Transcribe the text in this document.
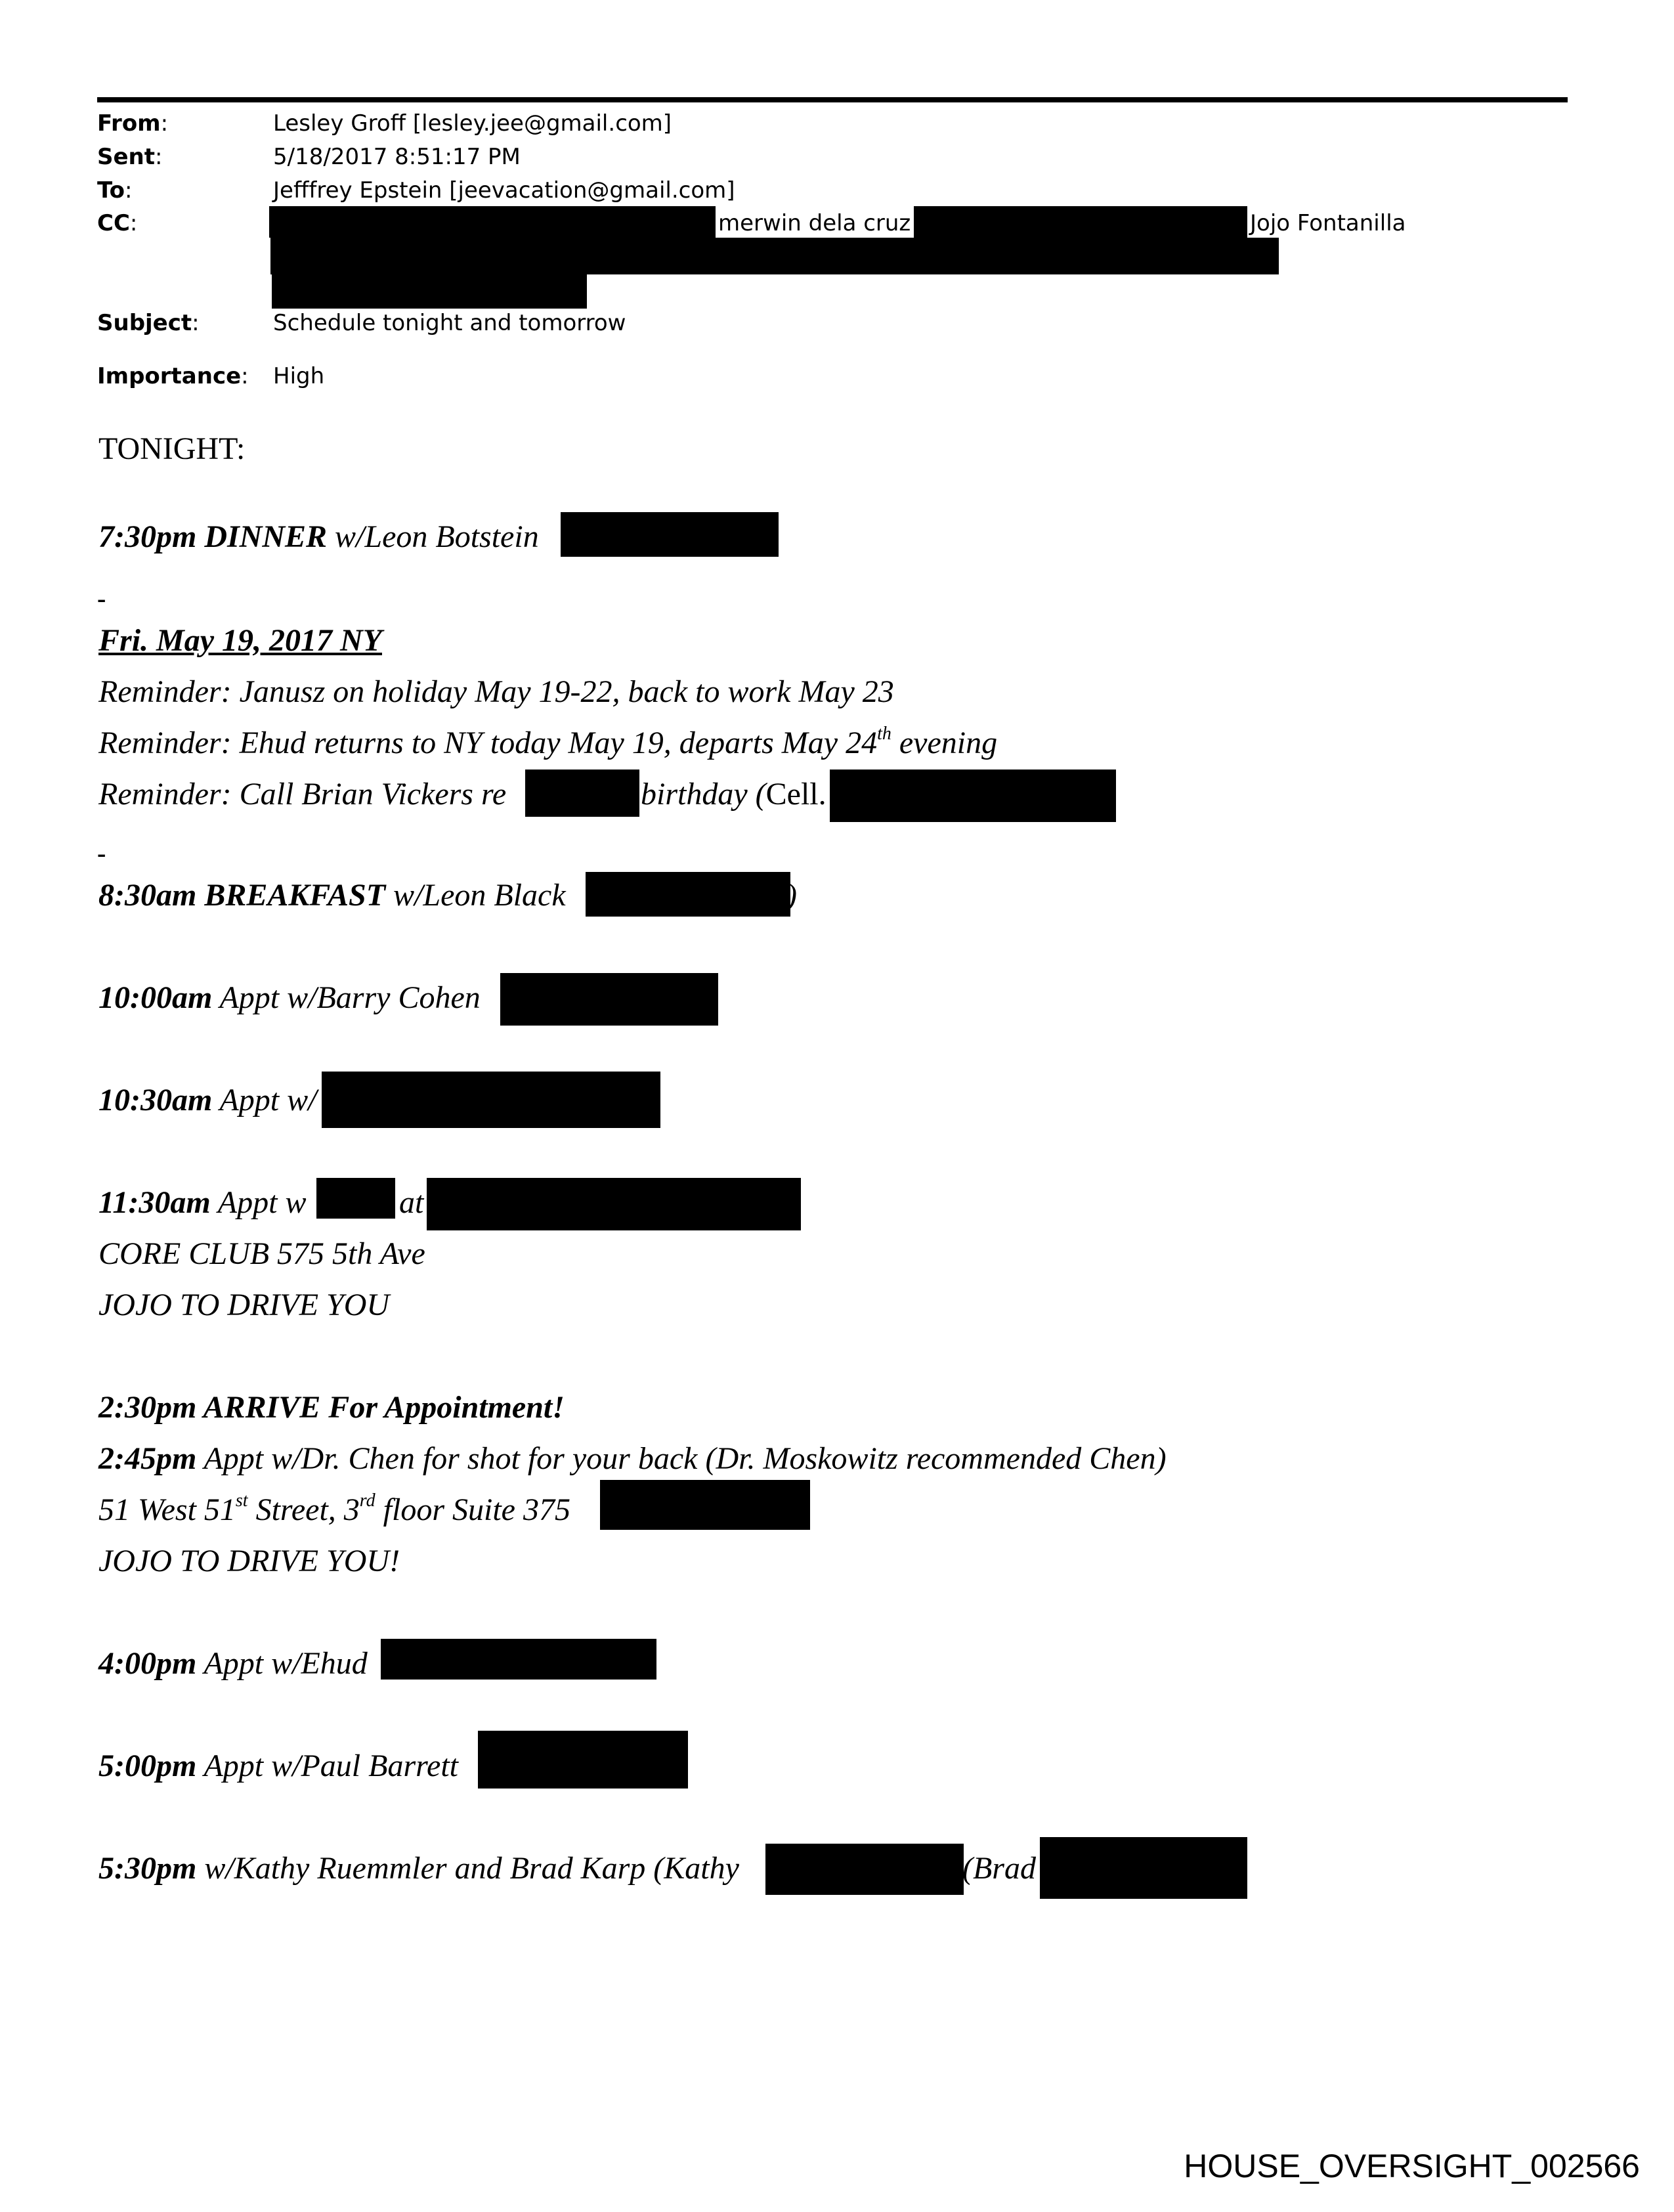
From:	Lesley Groff [lesley.jee@gmail.com]
Sent:	5/18/2017 8:51:17 PM
To:	Jefffrey Epstein [jeevacation@gmail.com]
CC:	merwin dela cruz	Jojo Fontanilla
Subject:	Schedule tonight and tomorrow
Importance: High
TONIGHT:
7:30pm DINNER w/Leon Botstein
-
Fri. May 19, 2017 NY
Reminder: Janusz on holiday May 19-22, back to work May 23
Reminder: Ehud returns to NY today May 19, departs May 24th evening
Reminder: Call Brian Vickers re	birthday (Cell.
-
8:30am BREAKFAST w/Leon Black	)
10:00am Appt w/Barry Cohen
10:30am Appt w/
11:30am Appt w	at
CORE CLUB 575 5th Ave
JOJO TO DRIVE YOU
2:30pm ARRIVE For Appointment!
2:45pm Appt w/Dr. Chen for shot for your back (Dr. Moskowitz recommended Chen)
51 West 51st Street, 3rd floor Suite 375
JOJO TO DRIVE YOU!
4:00pm Appt w/Ehud
5:00pm Appt w/Paul Barrett
5:30pm w/Kathy Ruemmler and Brad Karp (Kathy	(Brad
HOUSE_OVERSIGHT_002566
